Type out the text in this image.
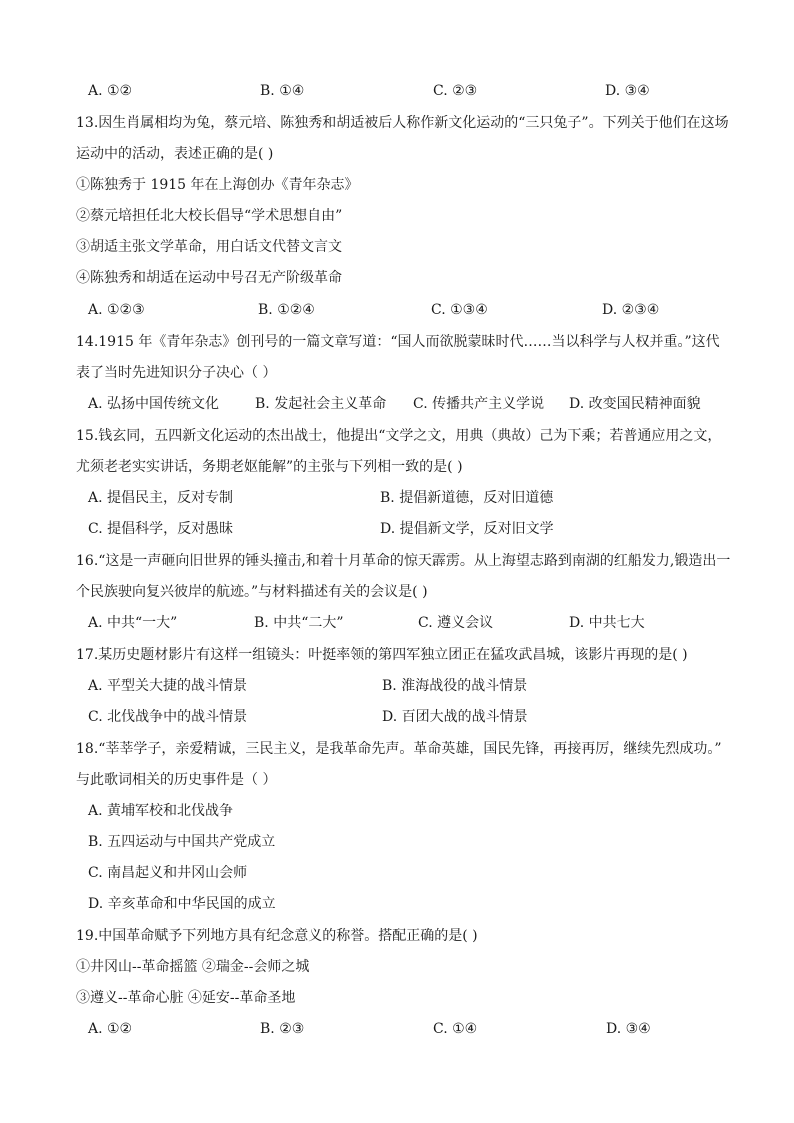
A. ①②	B. ①④	C. ②③	D. ③④
13.因生肖属相均为兔，蔡元培、陈独秀和胡适被后人称作新文化运动的“三只兔子”。下列关于他们在这场
运动中的活动，表述正确的是( )
①陈独秀于 1915 年在上海创办《青年杂志》
②蔡元培担任北大校长倡导“学术思想自由”
③胡适主张文学革命，用白话文代替文言文
④陈独秀和胡适在运动中号召无产阶级革命
A. ①②③	B. ①②④	C. ①③④	D. ②③④
14.1915 年《青年杂志》创刊号的一篇文章写道：“国人而欲脱蒙昧时代……当以科学与人权并重。”这代
表了当时先进知识分子决心（ ）
A. 弘扬中国传统文化	B. 发起社会主义革命 C. 传播共产主义学说 D. 改变国民精神面貌
15.钱玄同，五四新文化运动的杰出战士，他提出“文学之文，用典（典故）己为下乘；若普通应用之文，
尤须老老实实讲话，务期老妪能解”的主张与下列相一致的是( )
A. 提倡民主，反对专制	B. 提倡新道德，反对旧道德
C. 提倡科学，反对愚昧	D. 提倡新文学，反对旧文学
16.“这是一声砸向旧世界的锤头撞击,和着十月革命的惊天霹雳。从上海望志路到南湖的红船发力,锻造出一
个民族驶向复兴彼岸的航迹。”与材料描述有关的会议是( )
A. 中共“一大”	B. 中共“二大”	C. 遵义会议	D. 中共七大
17.某历史题材影片有这样一组镜头：叶挺率领的第四军独立团正在猛攻武昌城，该影片再现的是( )
A. 平型关大捷的战斗情景	B. 淮海战役的战斗情景
C. 北伐战争中的战斗情景	D. 百团大战的战斗情景
18.“莘莘学子，亲爱精诚，三民主义，是我革命先声。革命英雄，国民先锋，再接再厉，继续先烈成功。”
与此歌词相关的历史事件是（ ）
A. 黄埔军校和北伐战争
B. 五四运动与中国共产党成立
C. 南昌起义和井冈山会师
D. 辛亥革命和中华民国的成立
19.中国革命赋予下列地方具有纪念意义的称誉。搭配正确的是( )
①井冈山--革命摇篮 ②瑞金--会师之城
③遵义--革命心脏 ④延安--革命圣地
A. ①②	B. ②③	C. ①④	D. ③④
